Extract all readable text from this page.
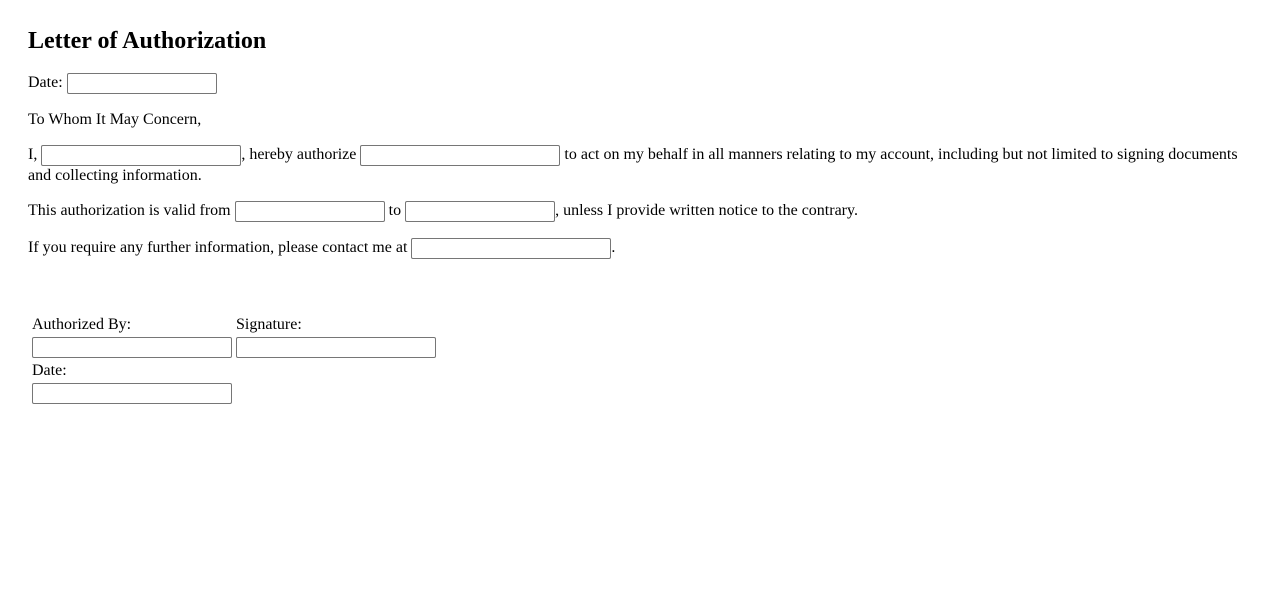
Letter of Authorization

Date:

To Whom It May Concern,

I,	, hereby authorize	to act on my behalf in all manners relating to my account, including but not limited to signing documents and collecting information.

This authorization is valid from	to	, unless I provide written notice to the contrary.

If you require any further information, please contact me at	.

Authorized By:	Signature:

Date:	
